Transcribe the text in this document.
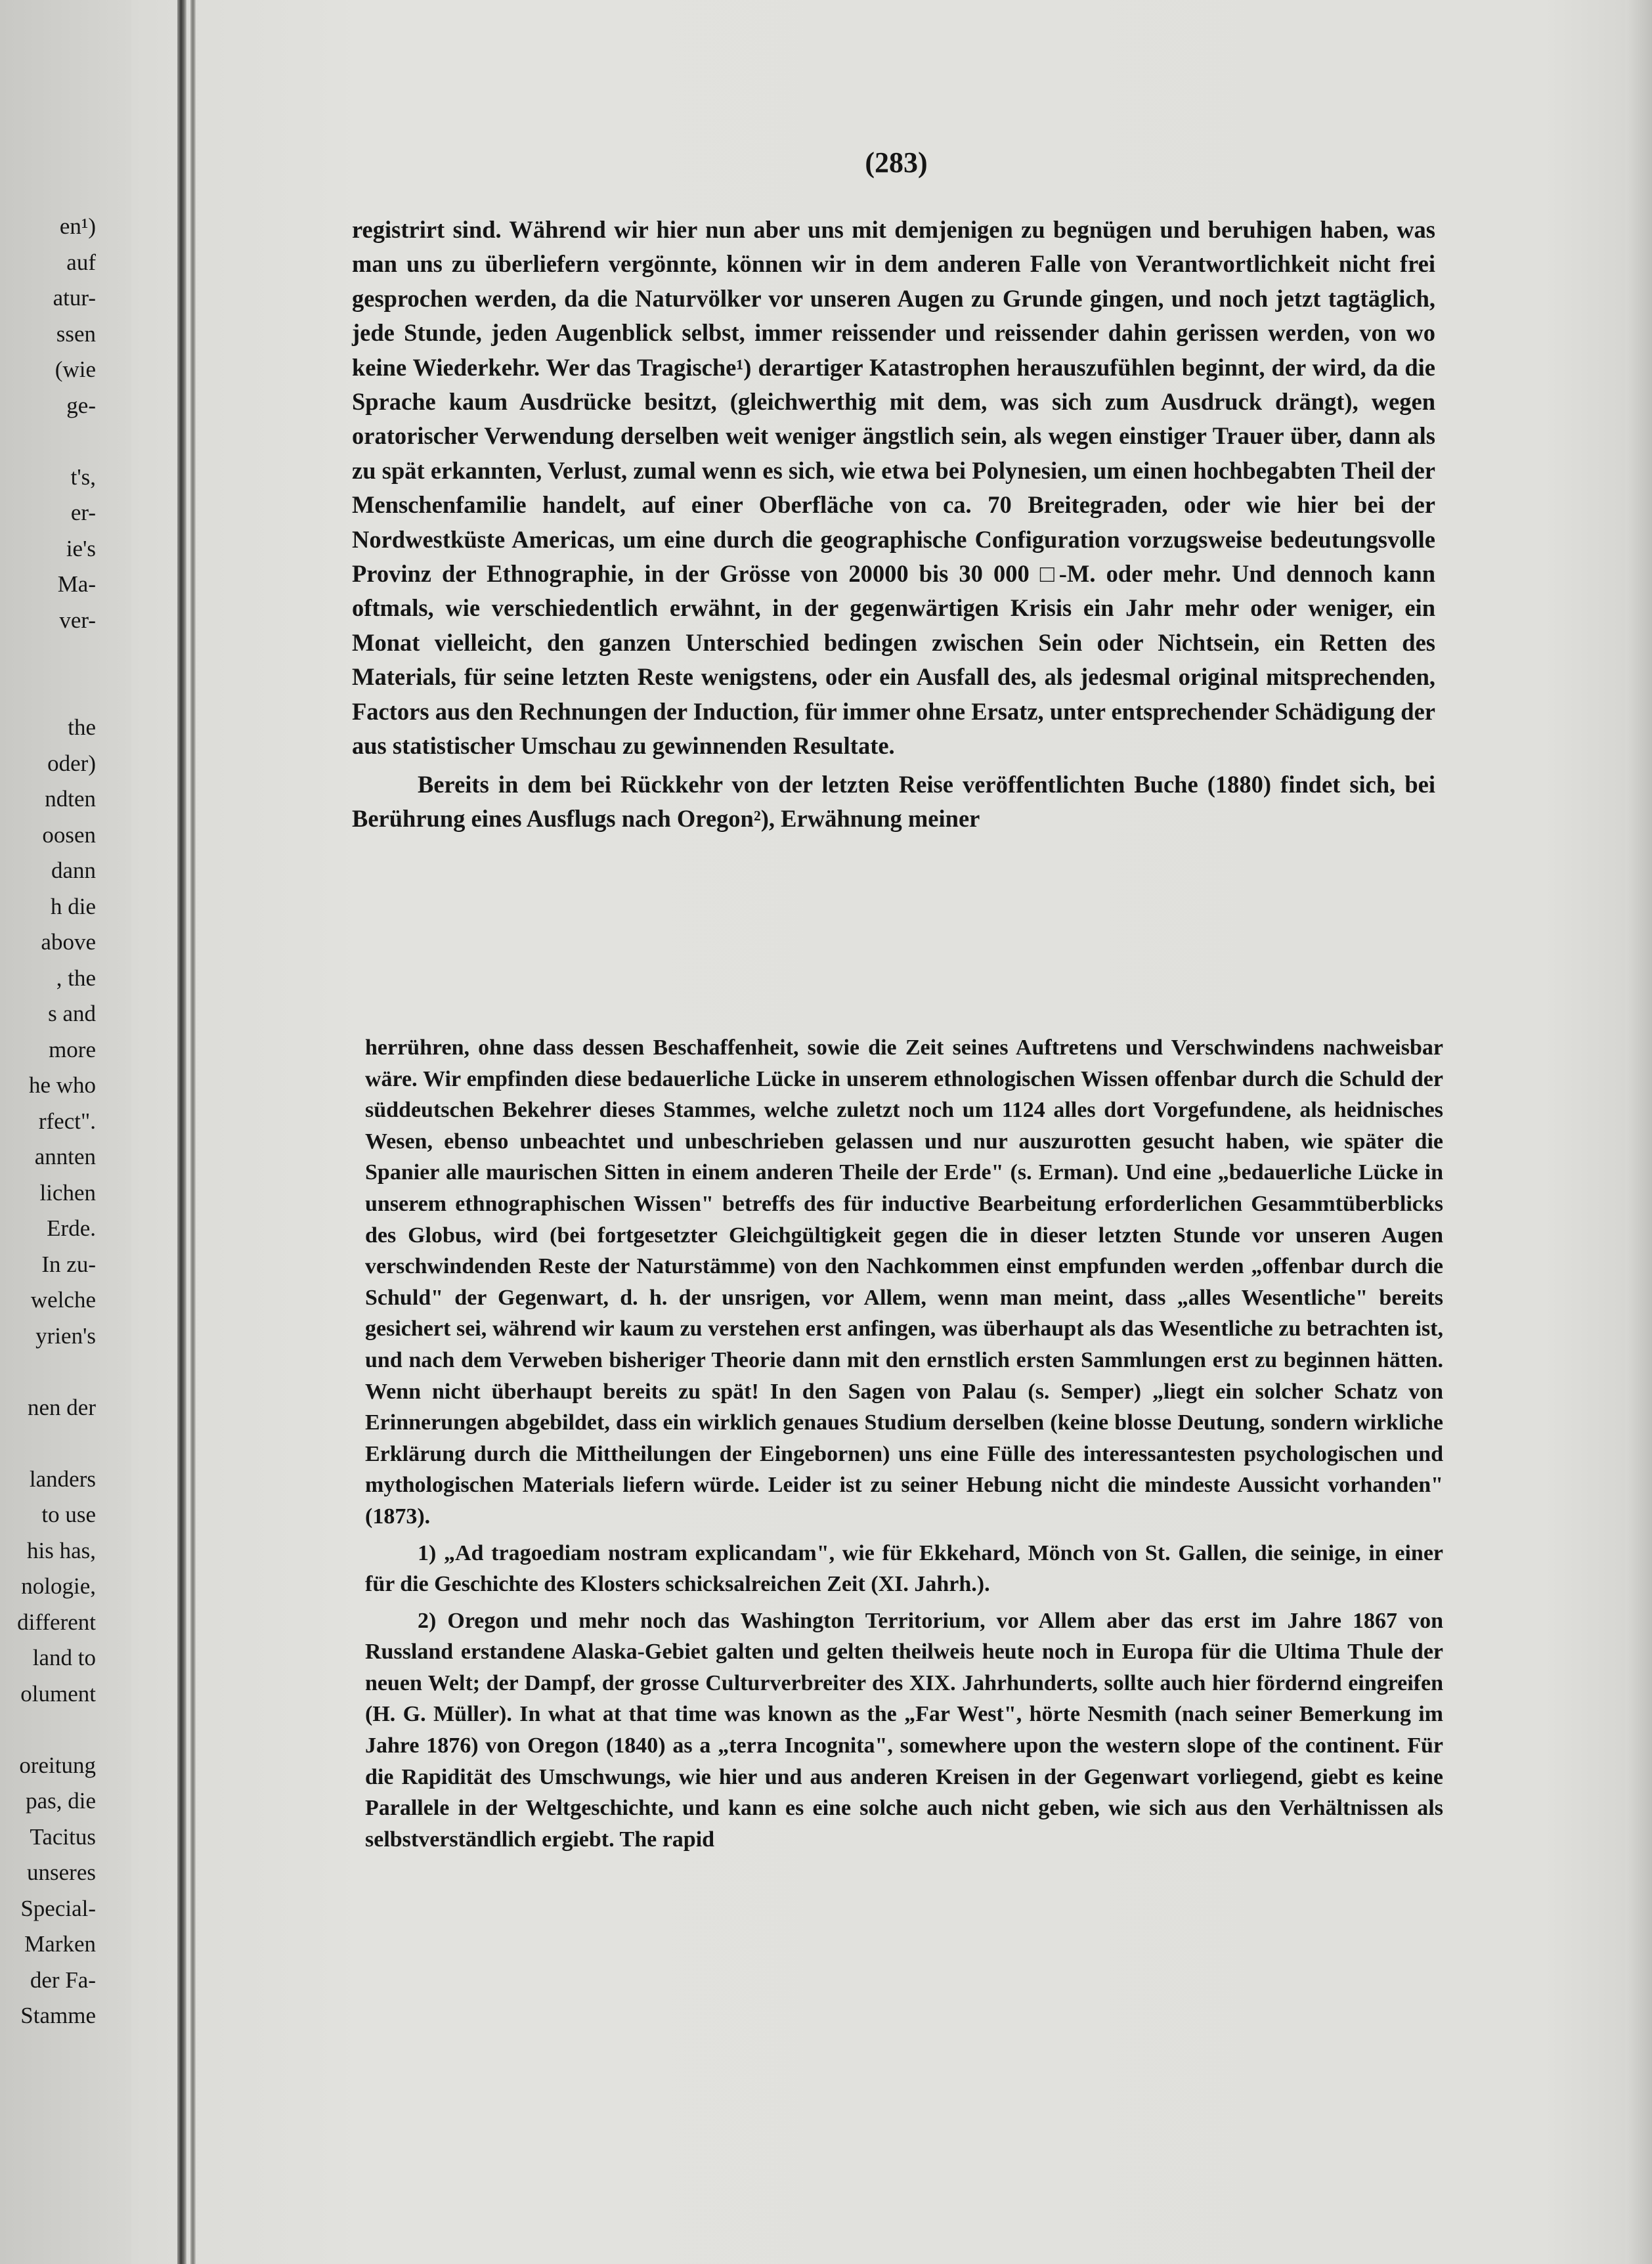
en¹)
auf
atur-
ssen
(wie
ge-
t's,
er-
ie's
Ma-
ver-
the
oder)
ndten
oosen
dann
h die
above
, the
s and
more
he who
rfect".
annten
lichen
Erde.
In zu-
welche
yrien's
nen der
landers
to use
his has,
nologie,
different
land to
olument
oreitung
pas, die
Tacitus
unseres
Special-
Marken
der Fa-
Stamme
(283)

registrirt sind. Während wir hier nun aber uns mit demjenigen zu begnügen und beruhigen haben, was man uns zu überliefern vergönnte, können wir in dem anderen Falle von Verantwortlichkeit nicht frei gesprochen werden, da die Naturvölker vor unseren Augen zu Grunde gingen, und noch jetzt tagtäglich, jede Stunde, jeden Augenblick selbst, immer reissender und reissender dahin gerissen werden, von wo keine Wiederkehr. Wer das Tragische¹) derartiger Katastrophen herauszufühlen beginnt, der wird, da die Sprache kaum Ausdrücke besitzt, (gleichwerthig mit dem, was sich zum Ausdruck drängt), wegen oratorischer Verwendung derselben weit weniger ängstlich sein, als wegen einstiger Trauer über, dann als zu spät erkannten, Verlust, zumal wenn es sich, wie etwa bei Polynesien, um einen hochbegabten Theil der Menschenfamilie handelt, auf einer Oberfläche von ca. 70 Breitegraden, oder wie hier bei der Nordwestküste Americas, um eine durch die geographische Configuration vorzugsweise bedeutungsvolle Provinz der Ethnographie, in der Grösse von 20000 bis 30 000 □-M. oder mehr. Und dennoch kann oftmals, wie verschiedentlich erwähnt, in der gegenwärtigen Krisis ein Jahr mehr oder weniger, ein Monat vielleicht, den ganzen Unterschied bedingen zwischen Sein oder Nichtsein, ein Retten des Materials, für seine letzten Reste wenigstens, oder ein Ausfall des, als jedesmal original mitsprechenden, Factors aus den Rechnungen der Induction, für immer ohne Ersatz, unter entsprechender Schädigung der aus statistischer Umschau zu gewinnenden Resultate.

Bereits in dem bei Rückkehr von der letzten Reise veröffentlichten Buche (1880) findet sich, bei Berührung eines Ausflugs nach Oregon²), Erwähnung meiner

herrühren, ohne dass dessen Beschaffenheit, sowie die Zeit seines Auftretens und Verschwindens nachweisbar wäre. Wir empfinden diese bedauerliche Lücke in unserem ethnologischen Wissen offenbar durch die Schuld der süddeutschen Bekehrer dieses Stammes, welche zuletzt noch um 1124 alles dort Vorgefundene, als heidnisches Wesen, ebenso unbeachtet und unbeschrieben gelassen und nur auszurotten gesucht haben, wie später die Spanier alle maurischen Sitten in einem anderen Theile der Erde" (s. Erman). Und eine „bedauerliche Lücke in unserem ethnographischen Wissen" betreffs des für inductive Bearbeitung erforderlichen Gesammtüberblicks des Globus, wird (bei fortgesetzter Gleichgültigkeit gegen die in dieser letzten Stunde vor unseren Augen verschwindenden Reste der Naturstämme) von den Nachkommen einst empfunden werden „offenbar durch die Schuld" der Gegenwart, d. h. der unsrigen, vor Allem, wenn man meint, dass „alles Wesentliche" bereits gesichert sei, während wir kaum zu verstehen erst anfingen, was überhaupt als das Wesentliche zu betrachten ist, und nach dem Verweben bisheriger Theorie dann mit den ernstlich ersten Sammlungen erst zu beginnen hätten. Wenn nicht überhaupt bereits zu spät! In den Sagen von Palau (s. Semper) „liegt ein solcher Schatz von Erinnerungen abgebildet, dass ein wirklich genaues Studium derselben (keine blosse Deutung, sondern wirkliche Erklärung durch die Mittheilungen der Eingebornen) uns eine Fülle des interessantesten psychologischen und mythologischen Materials liefern würde. Leider ist zu seiner Hebung nicht die mindeste Aussicht vorhanden" (1873).

1) „Ad tragoediam nostram explicandam", wie für Ekkehard, Mönch von St. Gallen, die seinige, in einer für die Geschichte des Klosters schicksalreichen Zeit (XI. Jahrh.).

2) Oregon und mehr noch das Washington Territorium, vor Allem aber das erst im Jahre 1867 von Russland erstandene Alaska-Gebiet galten und gelten theilweis heute noch in Europa für die Ultima Thule der neuen Welt; der Dampf, der grosse Culturverbreiter des XIX. Jahrhunderts, sollte auch hier fördernd eingreifen (H. G. Müller). In what at that time was known as the „Far West", hörte Nesmith (nach seiner Bemerkung im Jahre 1876) von Oregon (1840) as a „terra Incognita", somewhere upon the western slope of the continent. Für die Rapidität des Umschwungs, wie hier und aus anderen Kreisen in der Gegenwart vorliegend, giebt es keine Parallele in der Weltgeschichte, und kann es eine solche auch nicht geben, wie sich aus den Verhältnissen als selbstverständlich ergiebt. The rapid
